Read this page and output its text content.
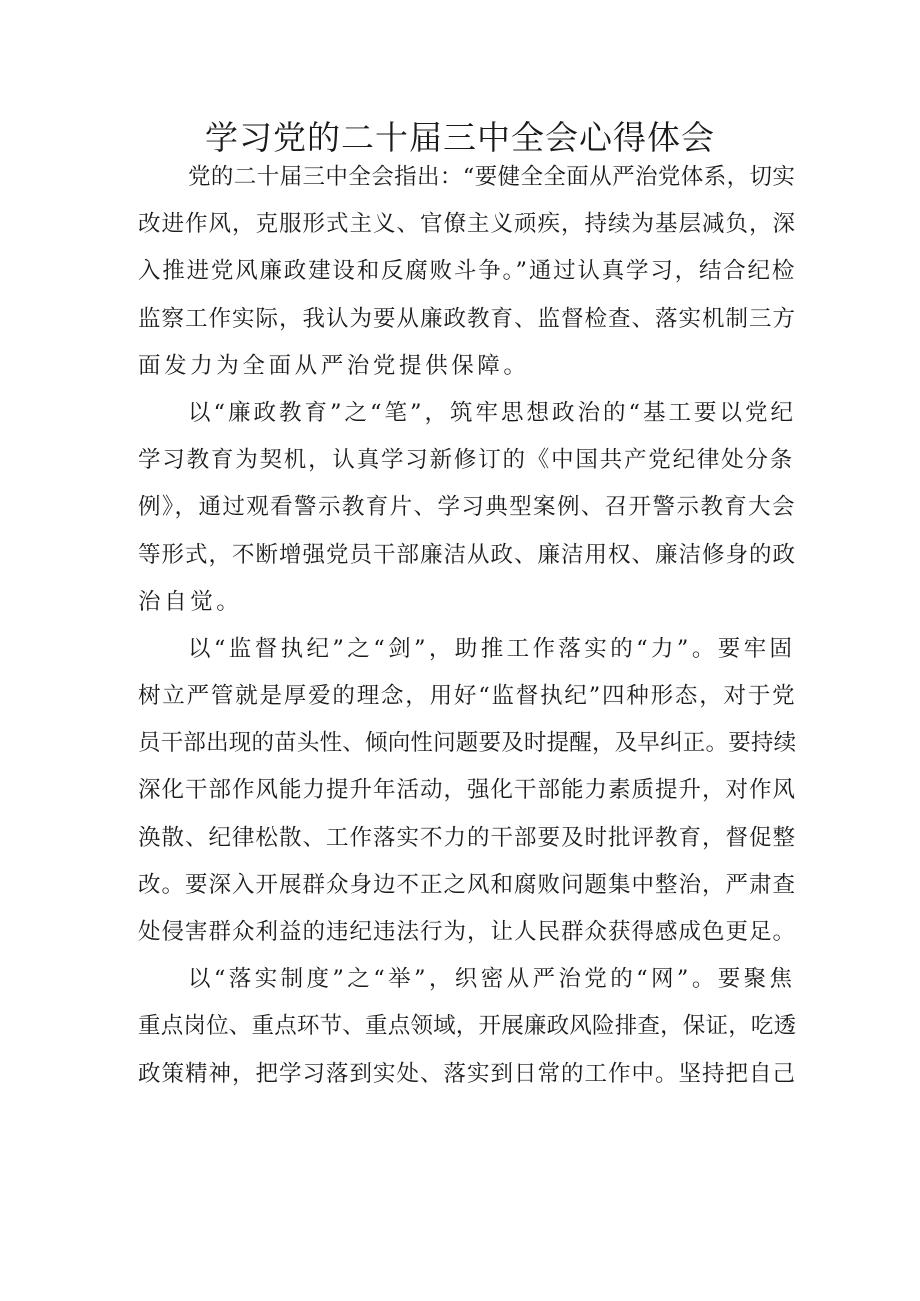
学习党的二十届三中全会心得体会
党的二十届三中全会指出：“要健全全面从严治党体系，切实
改进作风，克服形式主义、官僚主义顽疾，持续为基层减负，深
入推进党风廉政建设和反腐败斗争。”通过认真学习，结合纪检
监察工作实际，我认为要从廉政教育、监督检查、落实机制三方
面发力为全面从严治党提供保障。
以“廉政教育”之“笔”，筑牢思想政治的“基工要以党纪
学习教育为契机，认真学习新修订的《中国共产党纪律处分条
例》，通过观看警示教育片、学习典型案例、召开警示教育大会
等形式，不断增强党员干部廉洁从政、廉洁用权、廉洁修身的政
治自觉。
以“监督执纪”之“剑”，助推工作落实的“力”。要牢固
树立严管就是厚爱的理念，用好“监督执纪”四种形态，对于党
员干部出现的苗头性、倾向性问题要及时提醒，及早纠正。要持续
深化干部作风能力提升年活动，强化干部能力素质提升，对作风
涣散、纪律松散、工作落实不力的干部要及时批评教育，督促整
改。要深入开展群众身边不正之风和腐败问题集中整治，严肃查
处侵害群众利益的违纪违法行为，让人民群众获得感成色更足。
以“落实制度”之“举”，织密从严治党的“网”。要聚焦
重点岗位、重点环节、重点领域，开展廉政风险排查，保证，吃透
政策精神，把学习落到实处、落实到日常的工作中。坚持把自己
